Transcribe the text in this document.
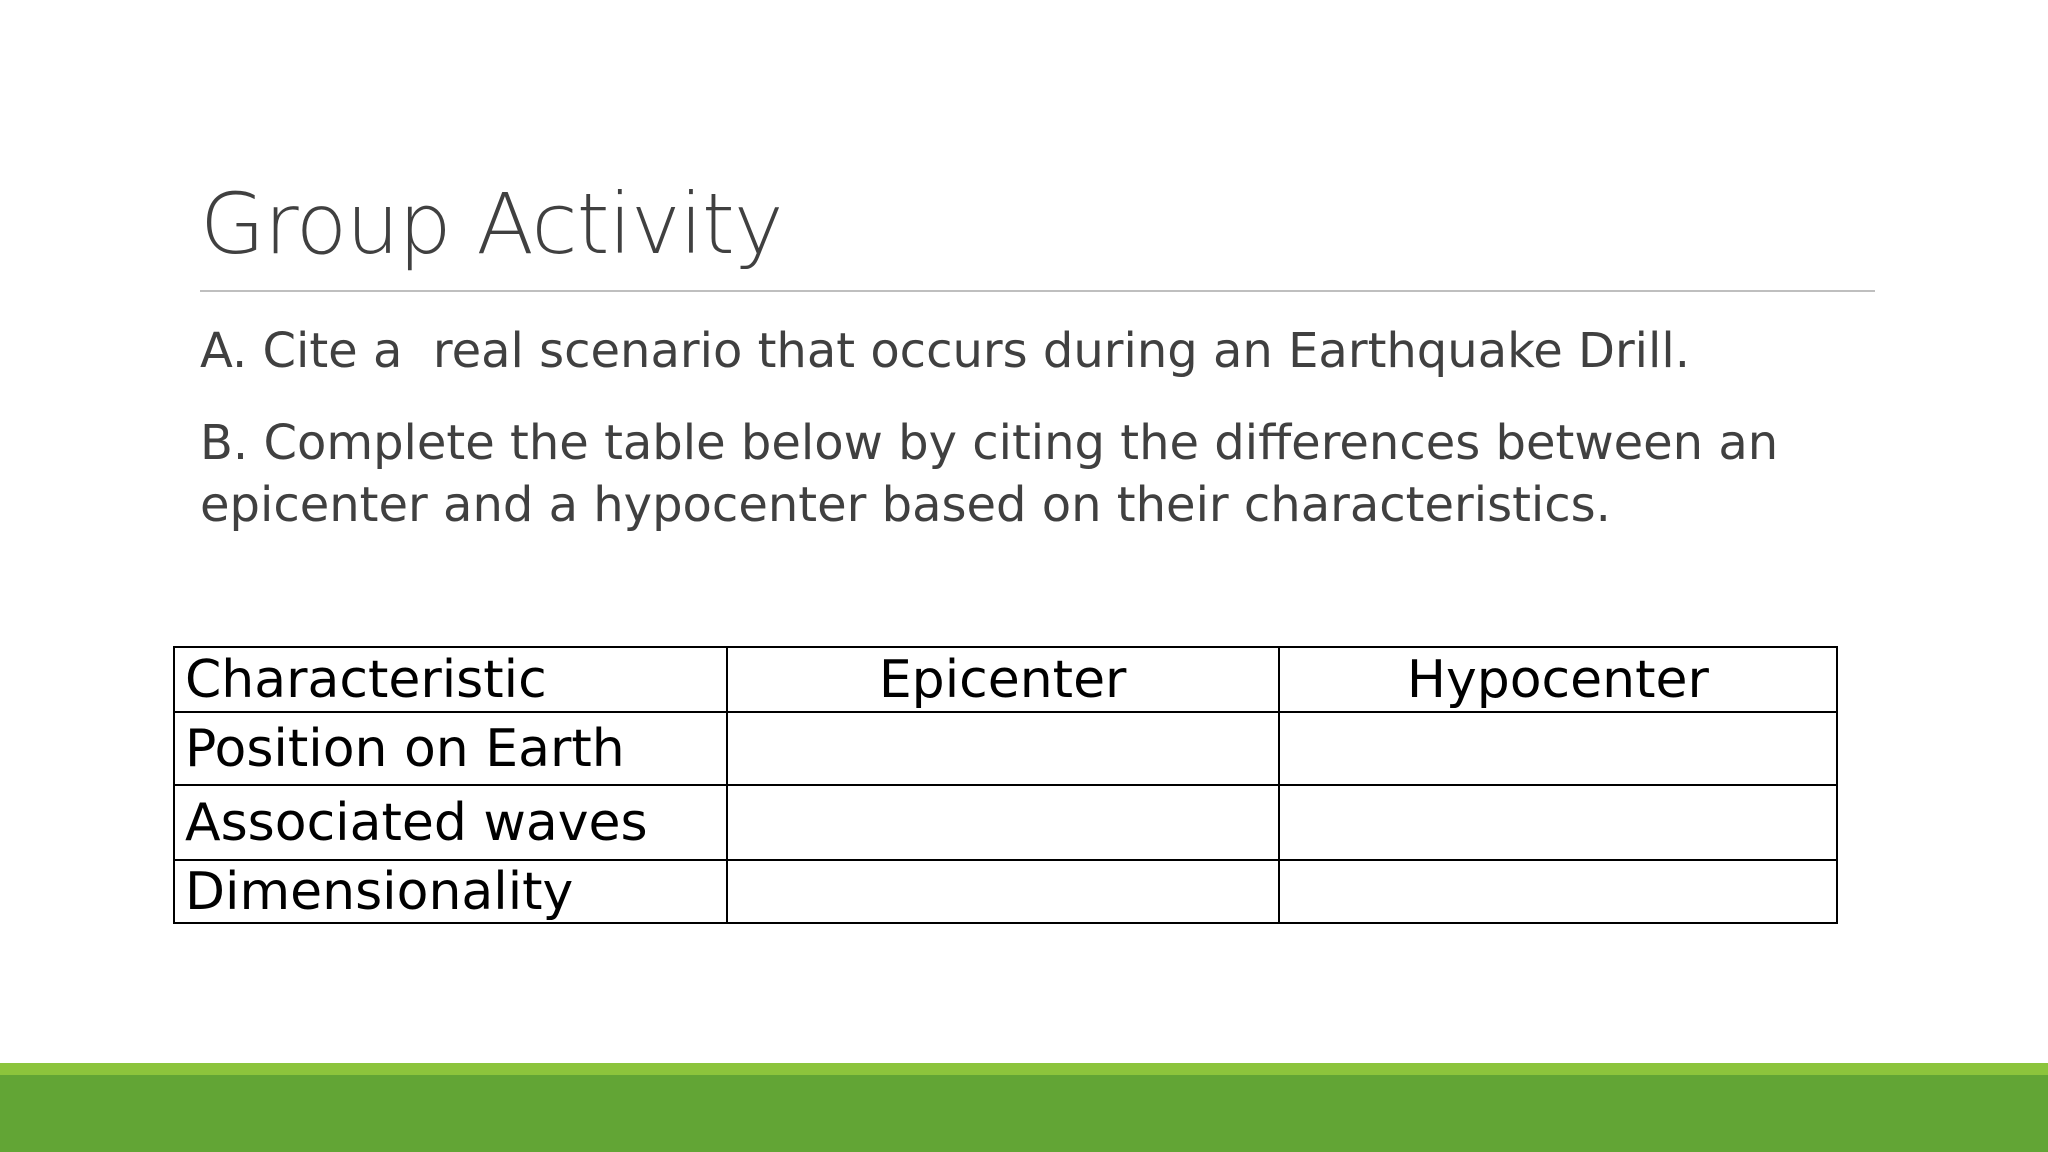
Group Activity
A. Cite a  real scenario that occurs during an Earthquake Drill.
B. Complete the table below by citing the differences between an epicenter and a hypocenter based on their characteristics.
Characteristic	Epicenter	Hypocenter
Position on Earth		
Associated waves		
Dimensionality		
